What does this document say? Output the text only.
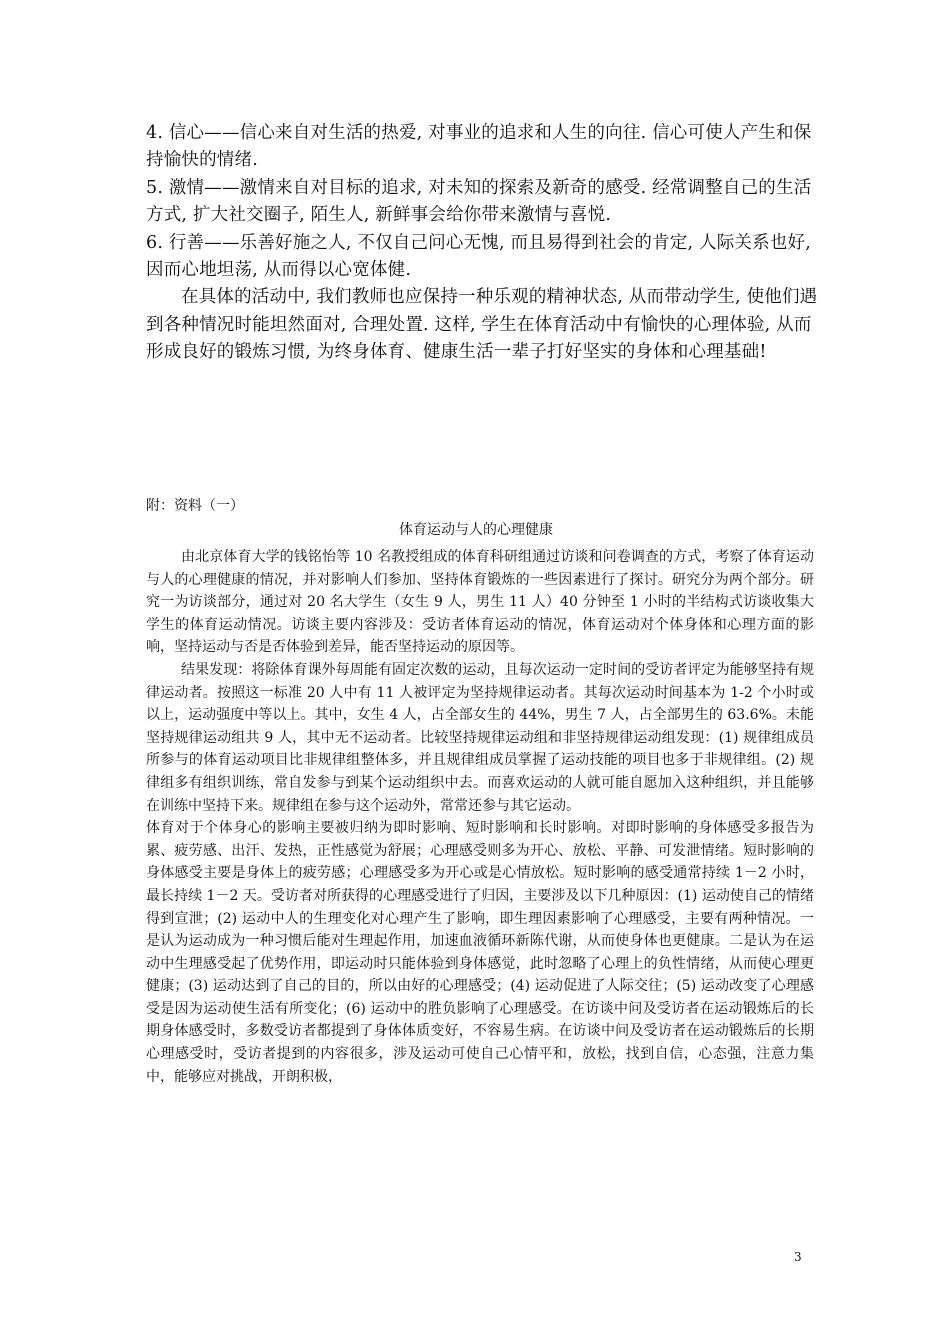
4. 信心——信心来自对生活的热爱, 对事业的追求和人生的向往. 信心可使人产生和保持愉快的情绪.

5. 激情——激情来自对目标的追求, 对未知的探索及新奇的感受. 经常调整自己的生活方式, 扩大社交圈子, 陌生人, 新鲜事会给你带来激情与喜悦.

6. 行善——乐善好施之人, 不仅自己问心无愧, 而且易得到社会的肯定, 人际关系也好, 因而心地坦荡, 从而得以心宽体健.

在具体的活动中, 我们教师也应保持一种乐观的精神状态, 从而带动学生, 使他们遇到各种情况时能坦然面对, 合理处置. 这样, 学生在体育活动中有愉快的心理体验, 从而形成良好的锻炼习惯, 为终身体育、健康生活一辈子打好坚实的身体和心理基础!

附：资料（一）
体育运动与人的心理健康

由北京体育大学的钱铭怡等 10 名教授组成的体育科研组通过访谈和问卷调查的方式，考察了体育运动与人的心理健康的情况，并对影响人们参加、坚持体育锻炼的一些因素进行了探讨。研究分为两个部分。研究一为访谈部分，通过对 20 名大学生（女生 9 人，男生 11 人）40 分钟至 1 小时的半结构式访谈收集大学生的体育运动情况。访谈主要内容涉及：受访者体育运动的情况，体育运动对个体身体和心理方面的影响，坚持运动与否是否体验到差异，能否坚持运动的原因等。

结果发现：将除体育课外每周能有固定次数的运动，且每次运动一定时间的受访者评定为能够坚持有规律运动者。按照这一标准 20 人中有 11 人被评定为坚持规律运动者。其每次运动时间基本为 1-2 个小时或以上，运动强度中等以上。其中，女生 4 人，占全部女生的 44%，男生 7 人，占全部男生的 63.6%。未能坚持规律运动组共 9 人，其中无不运动者。比较坚持规律运动组和非坚持规律运动组发现：(1) 规律组成员所参与的体育运动项目比非规律组整体多，并且规律组成员掌握了运动技能的项目也多于非规律组。(2) 规律组多有组织训练，常自发参与到某个运动组织中去。而喜欢运动的人就可能自愿加入这种组织，并且能够在训练中坚持下来。规律组在参与这个运动外，常常还参与其它运动。

体育对于个体身心的影响主要被归纳为即时影响、短时影响和长时影响。对即时影响的身体感受多报告为累、疲劳感、出汗、发热，正性感觉为舒展；心理感受则多为开心、放松、平静、可发泄情绪。短时影响的身体感受主要是身体上的疲劳感；心理感受多为开心或是心情放松。短时影响的感受通常持续 1－2 小时，最长持续 1－2 天。受访者对所获得的心理感受进行了归因，主要涉及以下几种原因：(1) 运动使自己的情绪得到宣泄；(2) 运动中人的生理变化对心理产生了影响，即生理因素影响了心理感受，主要有两种情况。一是认为运动成为一种习惯后能对生理起作用，加速血液循环新陈代谢，从而使身体也更健康。二是认为在运动中生理感受起了优势作用，即运动时只能体验到身体感觉，此时忽略了心理上的负性情绪，从而使心理更健康；(3) 运动达到了自己的目的，所以由好的心理感受；(4) 运动促进了人际交往；(5) 运动改变了心理感受是因为运动使生活有所变化；(6) 运动中的胜负影响了心理感受。在访谈中问及受访者在运动锻炼后的长期身体感受时，多数受访者都提到了身体体质变好，不容易生病。在访谈中问及受访者在运动锻炼后的长期心理感受时，受访者提到的内容很多，涉及运动可使自己心情平和，放松，找到自信，心态强，注意力集中，能够应对挑战，开朗积极，

3
